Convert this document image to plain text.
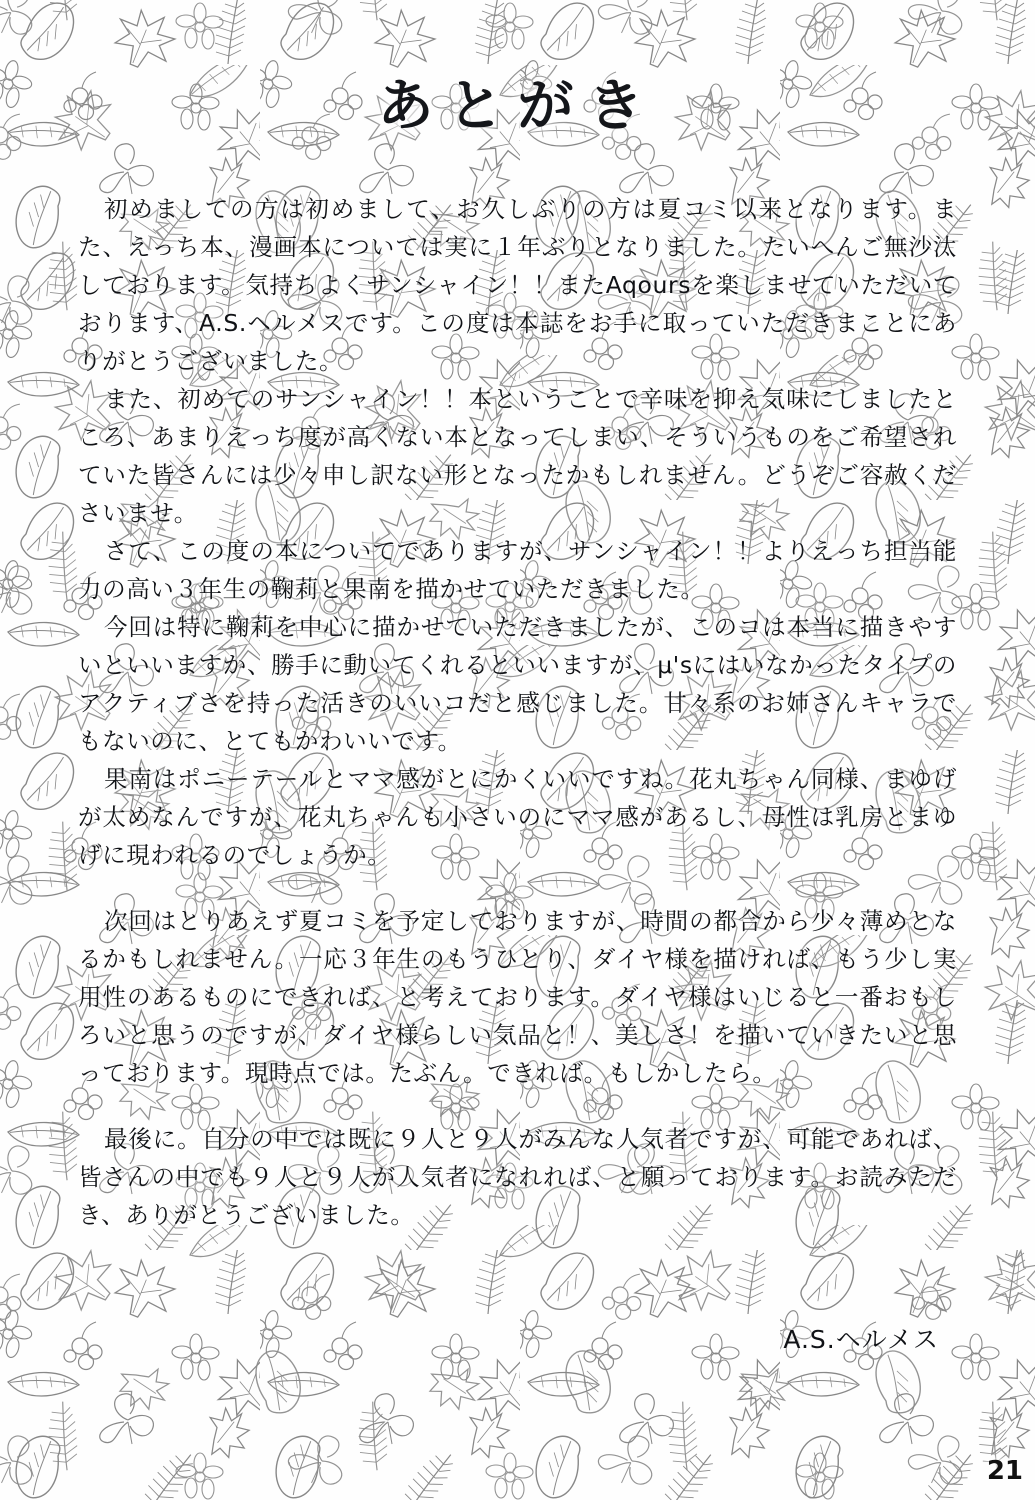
あとがき

初めましての方は初めまして、お久しぶりの方は夏コミ以来となります。また、えっち本、漫画本については実に１年ぶりとなりました。たいへんご無沙汰しております。気持ちよくサンシャイン！！またAqoursを楽しませていただいております、A.S.ヘルメスです。この度は本誌をお手に取っていただきまことにありがとうございました。

また、初めてのサンシャイン！！本ということで辛味を抑え気味にしましたところ、あまりえっち度が高くない本となってしまい、そういうものをご希望されていた皆さんには少々申し訳ない形となったかもしれません。どうぞご容赦くださいませ。

さて、この度の本についてでありますが、サンシャイン！！よりえっち担当能力の高い３年生の鞠莉と果南を描かせていただきました。

今回は特に鞠莉を中心に描かせていただきましたが、このコは本当に描きやすいといいますか、勝手に動いてくれるといいますが、μ'sにはいなかったタイプのアクティブさを持った活きのいいコだと感じました。甘々系のお姉さんキャラでもないのに、とてもかわいいです。

果南はポニーテールとママ感がとにかくいいですね。花丸ちゃん同様、まゆげが太めなんですが、花丸ちゃんも小さいのにママ感があるし、母性は乳房とまゆげに現われるのでしょうか。

次回はとりあえず夏コミを予定しておりますが、時間の都合から少々薄めとなるかもしれません。一応３年生のもうひとり、ダイヤ様を描ければ、もう少し実用性のあるものにできれば、と考えております。ダイヤ様はいじると一番おもしろいと思うのですが、ダイヤ様らしい気品と！、美しさ！を描いていきたいと思っております。現時点では。たぶん。できれば。もしかしたら。

最後に。自分の中では既に９人と９人がみんな人気者ですが、可能であれば、皆さんの中でも９人と９人が人気者になれれば、と願っております。お読みただき、ありがとうございました。

A.S.ヘルメス
21
